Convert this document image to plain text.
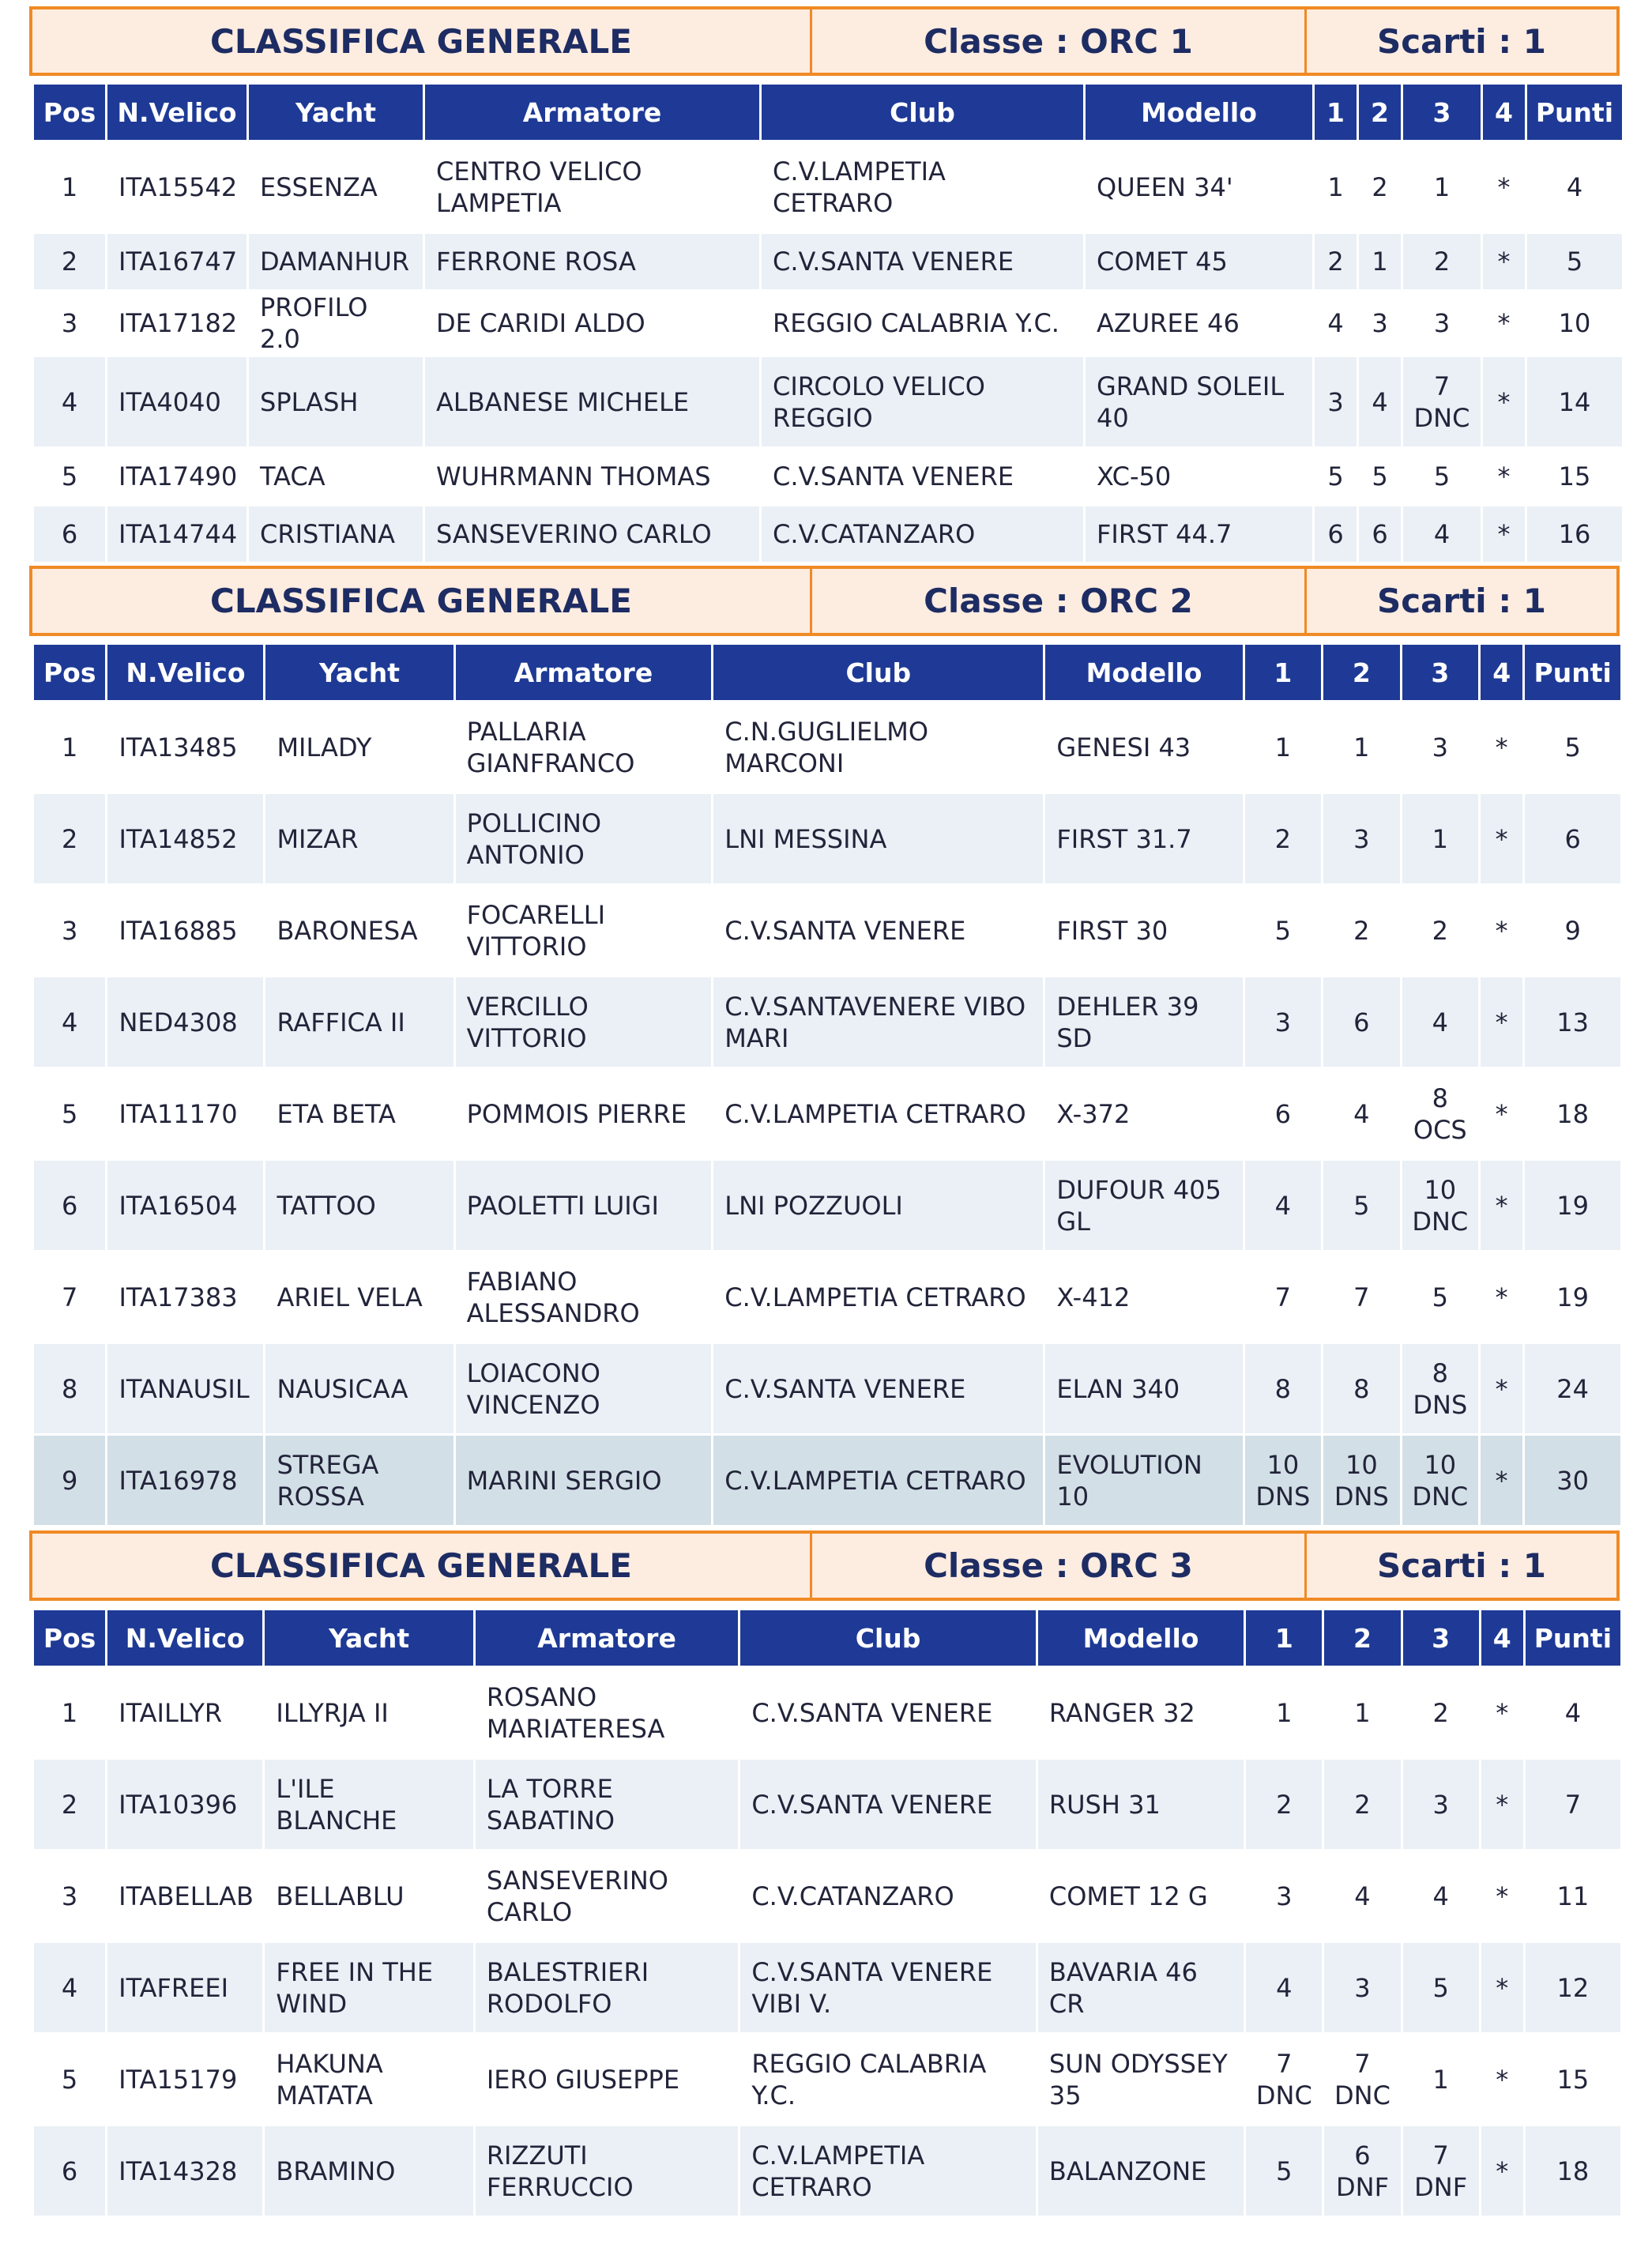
CLASSIFICA GENERALE	Classe : ORC 1	Scarti : 1
Pos	N.Velico	Yacht	Armatore	Club	Modello	1	2	3	4	Punti
1	ITA15542	ESSENZA	CENTRO VELICO LAMPETIA	C.V.LAMPETIA CETRARO	QUEEN 34'	1	2	1	*	4
2	ITA16747	DAMANHUR	FERRONE ROSA	C.V.SANTA VENERE	COMET 45	2	1	2	*	5
3	ITA17182	PROFILO 2.0	DE CARIDI ALDO	REGGIO CALABRIA Y.C.	AZUREE 46	4	3	3	*	10
4	ITA4040	SPLASH	ALBANESE MICHELE	CIRCOLO VELICO REGGIO	GRAND SOLEIL 40	3	4	7 DNC	*	14
5	ITA17490	TACA	WUHRMANN THOMAS	C.V.SANTA VENERE	XC-50	5	5	5	*	15
6	ITA14744	CRISTIANA	SANSEVERINO CARLO	C.V.CATANZARO	FIRST 44.7	6	6	4	*	16
CLASSIFICA GENERALE	Classe : ORC 2	Scarti : 1
Pos	N.Velico	Yacht	Armatore	Club	Modello	1	2	3	4	Punti
1	ITA13485	MILADY	PALLARIA GIANFRANCO	C.N.GUGLIELMO MARCONI	GENESI 43	1	1	3	*	5
2	ITA14852	MIZAR	POLLICINO ANTONIO	LNI MESSINA	FIRST 31.7	2	3	1	*	6
3	ITA16885	BARONESA	FOCARELLI VITTORIO	C.V.SANTA VENERE	FIRST 30	5	2	2	*	9
4	NED4308	RAFFICA II	VERCILLO VITTORIO	C.V.SANTAVENERE VIBO MARI	DEHLER 39 SD	3	6	4	*	13
5	ITA11170	ETA BETA	POMMOIS PIERRE	C.V.LAMPETIA CETRARO	X-372	6	4	8 OCS	*	18
6	ITA16504	TATTOO	PAOLETTI LUIGI	LNI POZZUOLI	DUFOUR 405 GL	4	5	10 DNC	*	19
7	ITA17383	ARIEL VELA	FABIANO ALESSANDRO	C.V.LAMPETIA CETRARO	X-412	7	7	5	*	19
8	ITANAUSIL	NAUSICAA	LOIACONO VINCENZO	C.V.SANTA VENERE	ELAN 340	8	8	8 DNS	*	24
9	ITA16978	STREGA ROSSA	MARINI SERGIO	C.V.LAMPETIA CETRARO	EVOLUTION 10	10 DNS	10 DNS	10 DNC	*	30
CLASSIFICA GENERALE	Classe : ORC 3	Scarti : 1
Pos	N.Velico	Yacht	Armatore	Club	Modello	1	2	3	4	Punti
1	ITAILLYR	ILLYRJA II	ROSANO MARIATERESA	C.V.SANTA VENERE	RANGER 32	1	1	2	*	4
2	ITA10396	L'ILE BLANCHE	LA TORRE SABATINO	C.V.SANTA VENERE	RUSH 31	2	2	3	*	7
3	ITABELLAB	BELLABLU	SANSEVERINO CARLO	C.V.CATANZARO	COMET 12 G	3	4	4	*	11
4	ITAFREEI	FREE IN THE WIND	BALESTRIERI RODOLFO	C.V.SANTA VENERE VIBI V.	BAVARIA 46 CR	4	3	5	*	12
5	ITA15179	HAKUNA MATATA	IERO GIUSEPPE	REGGIO CALABRIA Y.C.	SUN ODYSSEY 35	7 DNC	7 DNC	1	*	15
6	ITA14328	BRAMINO	RIZZUTI FERRUCCIO	C.V.LAMPETIA CETRARO	BALANZONE	5	6 DNF	7 DNF	*	18
